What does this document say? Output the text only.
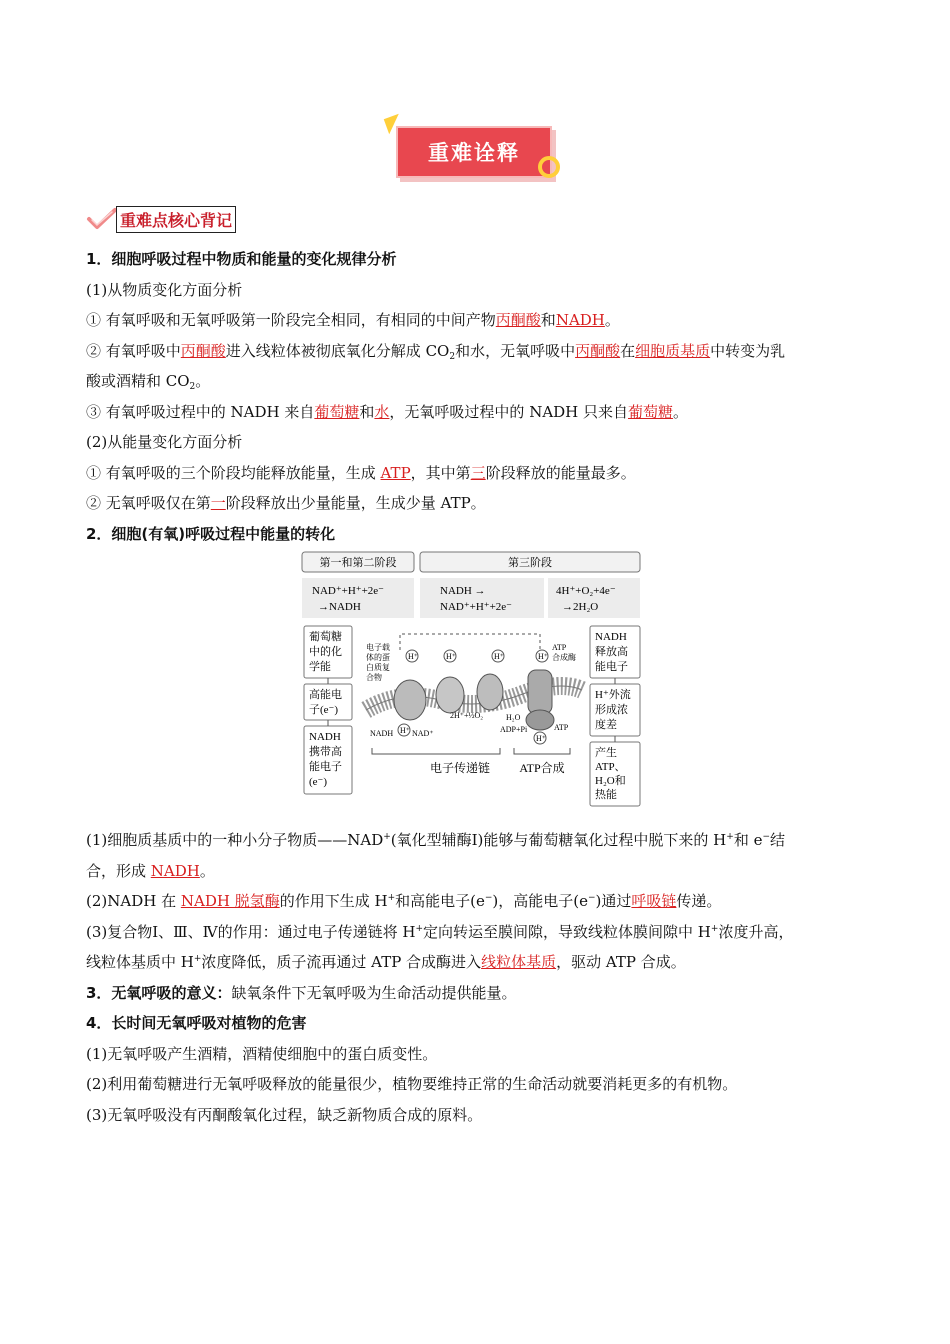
重难诠释
重难点核心背记
1．细胞呼吸过程中物质和能量的变化规律分析
(1)从物质变化方面分析
① 有氧呼吸和无氧呼吸第一阶段完全相同，有相同的中间产物丙酮酸和NADH。
② 有氧呼吸中丙酮酸进入线粒体被彻底氧化分解成 $CO_2$和水，无氧呼吸中丙酮酸在细胞质基质中转变为乳
酸或酒精和 $CO_2$。
③ 有氧呼吸过程中的 NADH 来自葡萄糖和水，无氧呼吸过程中的 NADH 只来自葡萄糖。
(2)从能量变化方面分析
① 有氧呼吸的三个阶段均能释放能量，生成 ATP，其中第三阶段释放的能量最多。
② 无氧呼吸仅在第一阶段释放出少量能量，生成少量 ATP。
2．细胞(有氧)呼吸过程中能量的转化
(1)细胞质基质中的一种小分子物质——NAD+(氧化型辅酶Ⅰ)能够与葡萄糖氧化过程中脱下来的 H+和 e−结
合，形成 NADH。
(2)NADH 在 NADH 脱氢酶的作用下生成 H+和高能电子(e−)，高能电子(e−)通过呼吸链传递。
(3)复合物Ⅰ、Ⅲ、Ⅳ的作用：通过电子传递链将 H+定向转运至膜间隙，导致线粒体膜间隙中 H+浓度升高，
线粒体基质中 H+浓度降低，质子流再通过 ATP 合成酶进入线粒体基质，驱动 ATP 合成。
3．无氧呼吸的意义：缺氧条件下无氧呼吸为生命活动提供能量。
4．长时间无氧呼吸对植物的危害
(1)无氧呼吸产生酒精，酒精使细胞中的蛋白质变性。
(2)利用葡萄糖进行无氧呼吸释放的能量很少，植物要维持正常的生命活动就要消耗更多的有机物。
(3)无氧呼吸没有丙酮酸氧化过程，缺乏新物质合成的原料。
第一和第二阶段	第三阶段
NAD⁺+H⁺+2e⁻
→NADH
NADH →
NAD⁺+H⁺+2e⁻
4H⁺+O₂+4e⁻
→2H₂O
葡萄糖
中的化
学能
高能电
子(e⁻)
NADH
携带高
能电子
(e⁻)
NADH
释放高
能电子
H⁺外流
形成浓
度差
产生
ATP、
H₂O和
热能
H⁺	H⁺	H⁺	H⁺
H⁺
H⁺
电子载
体的蛋
白质复
合物
ATP
合成酶
NADH NAD⁺
2H⁺+½O₂	H₂O
ADP+Pi	ATP
电子传递链 ATP合成
